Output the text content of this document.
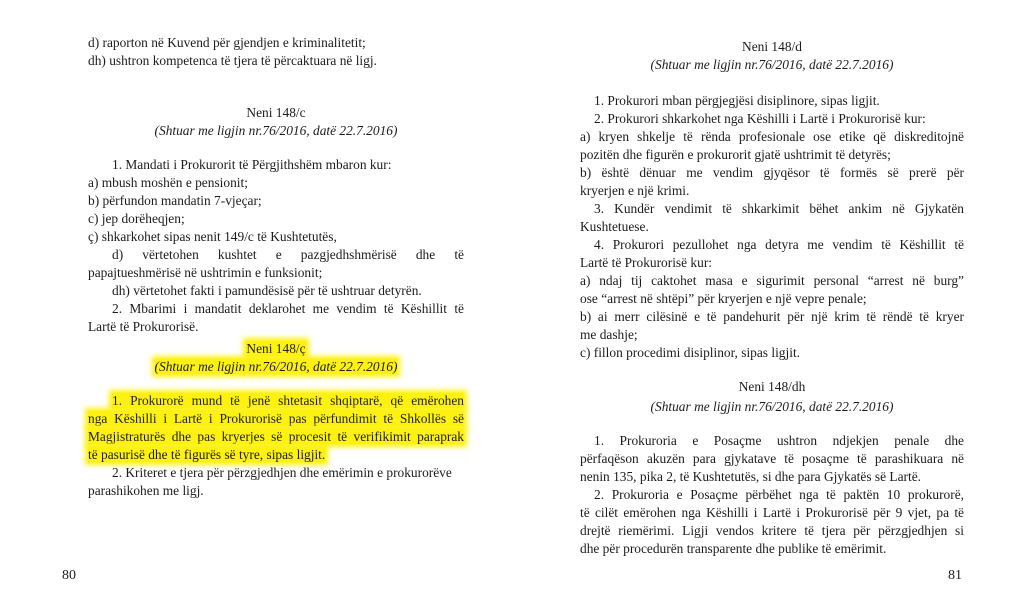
d) raporton në Kuvend për gjendjen e kriminalitetit;

dh) ushtron kompetenca të tjera të përcaktuara në ligj.

Neni 148/c

(Shtuar me ligjin nr.76/2016, datë 22.7.2016)

1. Mandati i Prokurorit të Përgjithshëm mbaron kur:

a) mbush moshën e pensionit;

b) përfundon mandatin 7-vjeçar;

c) jep dorëheqjen;

ç) shkarkohet sipas nenit 149/c të Kushtetutës,

d) vërtetohen kushtet e pazgjedhshmërisë dhe të

papajtueshmërisë në ushtrimin e funksionit;

dh) vërtetohet fakti i pamundësisë për të ushtruar detyrën.

2. Mbarimi i mandatit deklarohet me vendim të Këshillit të

Lartë të Prokurorisë.

Neni 148/ç

(Shtuar me ligjin nr.76/2016, datë 22.7.2016)

1. Prokurorë mund të jenë shtetasit shqiptarë, që emërohen

nga Këshilli i Lartë i Prokurorisë pas përfundimit të Shkollës së

Magjistraturës dhe pas kryerjes së procesit të verifikimit paraprak

të pasurisë dhe të figurës së tyre, sipas ligjit.

2. Kriteret e tjera për përzgjedhjen dhe emërimin e prokurorëve

parashikohen me ligj.

80

Neni 148/d

(Shtuar me ligjin nr.76/2016, datë 22.7.2016)

1. Prokurori mban përgjegjësi disiplinore, sipas ligjit.

2. Prokurori shkarkohet nga Këshilli i Lartë i Prokurorisë kur:

a) kryen shkelje të rënda profesionale ose etike që diskreditojnë

pozitën dhe figurën e prokurorit gjatë ushtrimit të detyrës;

b) është dënuar me vendim gjyqësor të formës së prerë për

kryerjen e një krimi.

3. Kundër vendimit të shkarkimit bëhet ankim në Gjykatën

Kushtetuese.

4. Prokurori pezullohet nga detyra me vendim të Këshillit të

Lartë të Prokurorisë kur:

a) ndaj tij caktohet masa e sigurimit personal “arrest në burg”

ose “arrest në shtëpi” për kryerjen e një vepre penale;

b) ai merr cilësinë e të pandehurit për një krim të rëndë të kryer

me dashje;

c) fillon procedimi disiplinor, sipas ligjit.

Neni 148/dh

(Shtuar me ligjin nr.76/2016, datë 22.7.2016)

1. Prokuroria e Posaçme ushtron ndjekjen penale dhe

përfaqëson akuzën para gjykatave të posaçme të parashikuara në

nenin 135, pika 2, të Kushtetutës, si dhe para Gjykatës së Lartë.

2. Prokuroria e Posaçme përbëhet nga të paktën 10 prokurorë,

të cilët emërohen nga Këshilli i Lartë i Prokurorisë për 9 vjet, pa të

drejtë riemërimi. Ligji vendos kritere të tjera për përzgjedhjen si

dhe për procedurën transparente dhe publike të emërimit.

81
